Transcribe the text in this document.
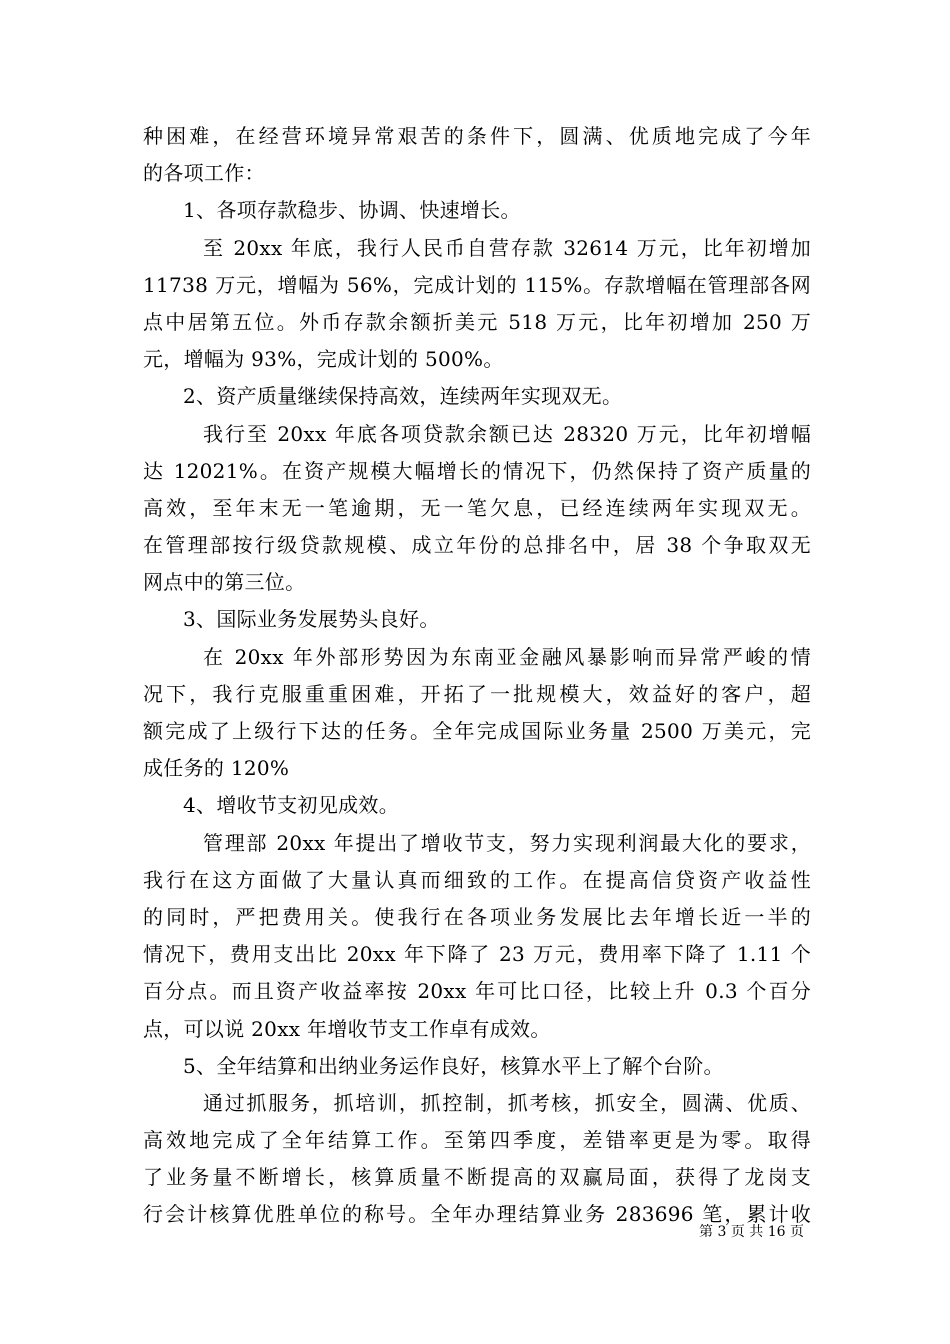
种困难，在经营环境异常艰苦的条件下，圆满、优质地完成了今年
的各项工作：
1、各项存款稳步、协调、快速增长。
至 20xx 年底，我行人民币自营存款 32614 万元，比年初增加
11738 万元，增幅为 56%，完成计划的 115%。存款增幅在管理部各网
点中居第五位。外币存款余额折美元 518 万元，比年初增加 250 万
元，增幅为 93%，完成计划的 500%。
2、资产质量继续保持高效，连续两年实现双无。
我行至 20xx 年底各项贷款余额已达 28320 万元，比年初增幅
达 12021%。在资产规模大幅增长的情况下，仍然保持了资产质量的
高效，至年末无一笔逾期，无一笔欠息，已经连续两年实现双无。
在管理部按行级贷款规模、成立年份的总排名中，居 38 个争取双无
网点中的第三位。
3、国际业务发展势头良好。
在 20xx 年外部形势因为东南亚金融风暴影响而异常严峻的情
况下，我行克服重重困难，开拓了一批规模大，效益好的客户，超
额完成了上级行下达的任务。全年完成国际业务量 2500 万美元，完
成任务的 120%
4、增收节支初见成效。
管理部 20xx 年提出了增收节支，努力实现利润最大化的要求，
我行在这方面做了大量认真而细致的工作。在提高信贷资产收益性
的同时，严把费用关。使我行在各项业务发展比去年增长近一半的
情况下，费用支出比 20xx 年下降了 23 万元，费用率下降了 1.11 个
百分点。而且资产收益率按 20xx 年可比口径，比较上升 0.3 个百分
点，可以说 20xx 年增收节支工作卓有成效。
5、全年结算和出纳业务运作良好，核算水平上了解个台阶。
通过抓服务，抓培训，抓控制，抓考核，抓安全，圆满、优质、
高效地完成了全年结算工作。至第四季度，差错率更是为零。取得
了业务量不断增长，核算质量不断提高的双赢局面，获得了龙岗支
行会计核算优胜单位的称号。全年办理结算业务 283696 笔，累计收
第 3 页 共 16 页
